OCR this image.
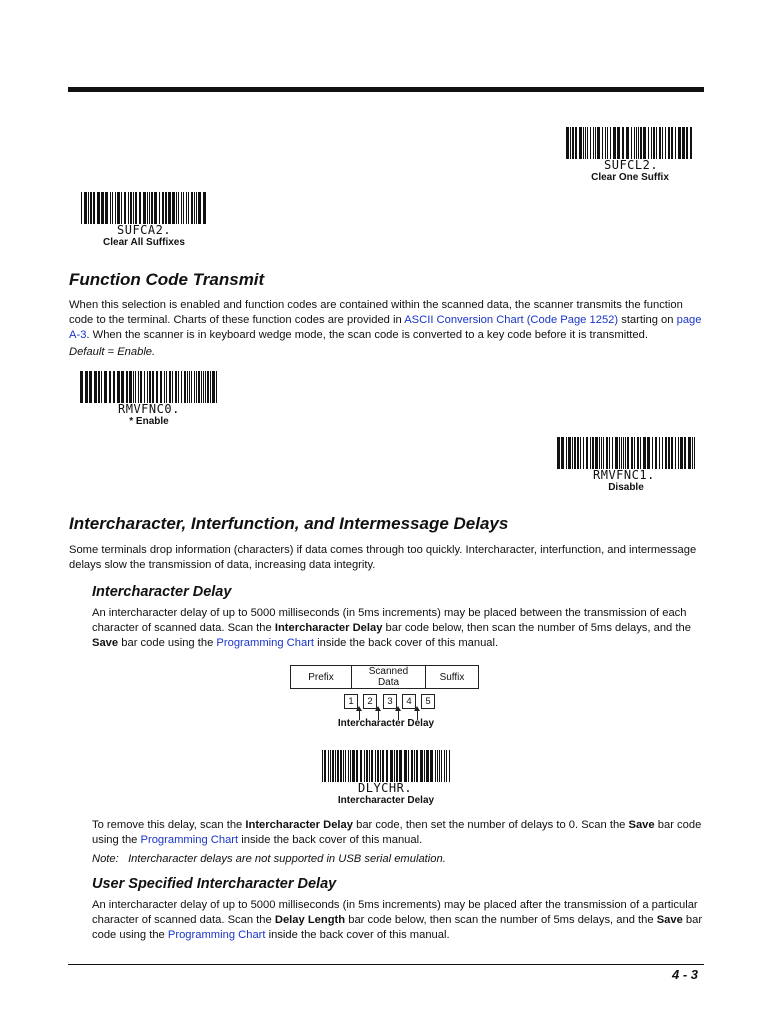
SUFCL2.
Clear One Suffix
SUFCA2.
Clear All Suffixes
Function Code Transmit

When this selection is enabled and function codes are contained within the scanned data, the scanner transmits the function code to the terminal. Charts of these function codes are provided in ASCII Conversion Chart (Code Page 1252) starting on page A-3. When the scanner is in keyboard wedge mode, the scan code is converted to a key code before it is transmitted.

Default = Enable.

RMVFNC0.
* Enable
RMVFNC1.
Disable
Intercharacter, Interfunction, and Intermessage Delays

Some terminals drop information (characters) if data comes through too quickly. Intercharacter, interfunction, and intermessage delays slow the transmission of data, increasing data integrity.

Intercharacter Delay

An intercharacter delay of up to 5000 milliseconds (in 5ms increments) may be placed between the transmission of each character of scanned data. Scan the Intercharacter Delay bar code below, then scan the number of 5ms delays, and the Save bar code using the Programming Chart inside the back cover of this manual.

Prefix	Scanned Data	Suffix
1	2	3	4	5
Intercharacter Delay
DLYCHR.
Intercharacter Delay

To remove this delay, scan the Intercharacter Delay bar code, then set the number of delays to 0. Scan the Save bar code using the Programming Chart inside the back cover of this manual.

Note:   Intercharacter delays are not supported in USB serial emulation.

User Specified Intercharacter Delay

An intercharacter delay of up to 5000 milliseconds (in 5ms increments) may be placed after the transmission of a particular character of scanned data. Scan the Delay Length bar code below, then scan the number of 5ms delays, and the Save bar code using the Programming Chart inside the back cover of this manual.

4 - 3
